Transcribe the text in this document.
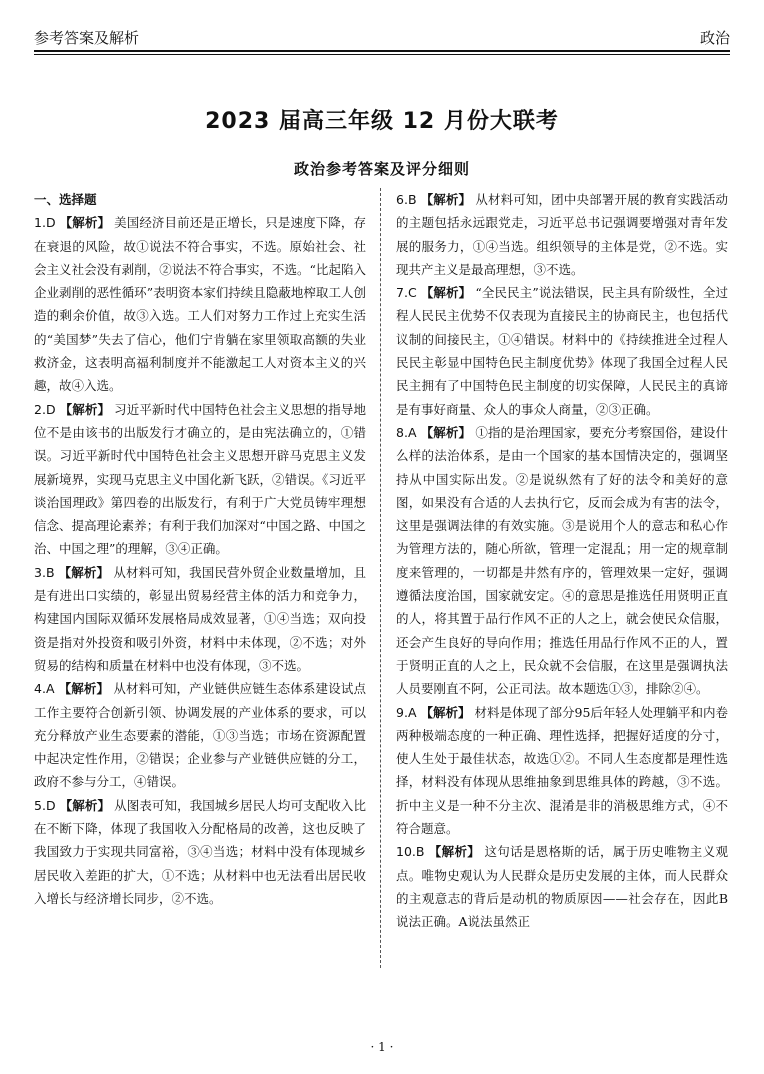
参考答案及解析	政治
2023 届高三年级 12 月份大联考
政治参考答案及评分细则
一、选择题

1.D 【解析】 美国经济目前还是正增长，只是速度下降，存在衰退的风险，故①说法不符合事实，不选。原始社会、社会主义社会没有剥削，②说法不符合事实，不选。“比起陷入企业剥削的恶性循环”表明资本家们持续且隐蔽地榨取工人创造的剩余价值，故③入选。工人们对努力工作过上充实生活的“美国梦”失去了信心，他们宁肯躺在家里领取高额的失业救济金，这表明高福利制度并不能激起工人对资本主义的兴趣，故④入选。

2.D 【解析】 习近平新时代中国特色社会主义思想的指导地位不是由该书的出版发行才确立的，是由宪法确立的，①错误。习近平新时代中国特色社会主义思想开辟马克思主义发展新境界，实现马克思主义中国化新飞跃，②错误。《习近平谈治国理政》第四卷的出版发行，有利于广大党员铸牢理想信念、提高理论素养；有利于我们加深对“中国之路、中国之治、中国之理”的理解，③④正确。

3.B 【解析】 从材料可知，我国民营外贸企业数量增加，且是有进出口实绩的，彰显出贸易经营主体的活力和竞争力，构建国内国际双循环发展格局成效显著，①④当选；双向投资是指对外投资和吸引外资，材料中未体现，②不选；对外贸易的结构和质量在材料中也没有体现，③不选。

4.A 【解析】 从材料可知，产业链供应链生态体系建设试点工作主要符合创新引领、协调发展的产业体系的要求，可以充分释放产业生态要素的潜能，①③当选；市场在资源配置中起决定性作用，②错误；企业参与产业链供应链的分工，政府不参与分工，④错误。

5.D 【解析】 从图表可知，我国城乡居民人均可支配收入比在不断下降，体现了我国收入分配格局的改善，这也反映了我国致力于实现共同富裕，③④当选；材料中没有体现城乡居民收入差距的扩大，①不选；从材料中也无法看出居民收入增长与经济增长同步，②不选。

6.B 【解析】 从材料可知，团中央部署开展的教育实践活动的主题包括永远跟党走，习近平总书记强调要增强对青年发展的服务力，①④当选。组织领导的主体是党，②不选。实现共产主义是最高理想，③不选。

7.C 【解析】 “全民民主”说法错误，民主具有阶级性，全过程人民民主优势不仅表现为直接民主的协商民主，也包括代议制的间接民主，①④错误。材料中的《持续推进全过程人民民主彰显中国特色民主制度优势》体现了我国全过程人民民主拥有了中国特色民主制度的切实保障，人民民主的真谛是有事好商量、众人的事众人商量，②③正确。

8.A 【解析】 ①指的是治理国家，要充分考察国俗，建设什么样的法治体系，是由一个国家的基本国情决定的，强调坚持从中国实际出发。②是说纵然有了好的法令和美好的意图，如果没有合适的人去执行它，反而会成为有害的法令，这里是强调法律的有效实施。③是说用个人的意志和私心作为管理方法的，随心所欲，管理一定混乱；用一定的规章制度来管理的，一切都是井然有序的，管理效果一定好，强调遵循法度治国，国家就安定。④的意思是推选任用贤明正直的人，将其置于品行作风不正的人之上，就会使民众信服，还会产生良好的导向作用；推选任用品行作风不正的人，置于贤明正直的人之上，民众就不会信服，在这里是强调执法人员要刚直不阿，公正司法。故本题选①③，排除②④。

9.A 【解析】 材料是体现了部分95后年轻人处理躺平和内卷两种极端态度的一种正确、理性选择，把握好适度的分寸，使人生处于最佳状态，故选①②。不同人生态度都是理性选择，材料没有体现从思维抽象到思维具体的跨越，③不选。折中主义是一种不分主次、混淆是非的消极思维方式，④不符合题意。

10.B 【解析】 这句话是恩格斯的话，属于历史唯物主义观点。唯物史观认为人民群众是历史发展的主体，而人民群众的主观意志的背后是动机的物质原因——社会存在，因此B说法正确。A说法虽然正

· 1 ·
